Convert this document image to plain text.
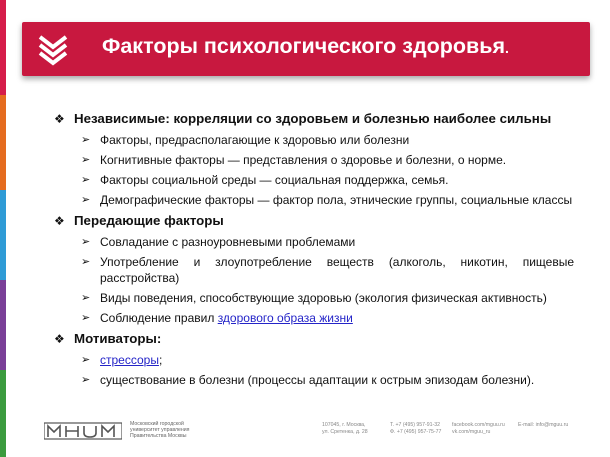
Факторы психологического здоровья.
❖ Независимые: корреляции со здоровьем и болезнью наиболее сильны
➢ Факторы, предрасполагающие к здоровью или болезни
➢ Когнитивные факторы — представления о здоровье и болезни, о норме.
➢ Факторы социальной среды — социальная поддержка, семья.
➢ Демографические факторы — фактор пола, этнические группы, социальные классы
❖ Передающие факторы
➢ Совладание с разноуровневыми проблемами
➢ Употребление и злоупотребление веществ (алкоголь, никотин, пищевые расстройства)
➢ Виды поведения, способствующие здоровью (экология физическая активность)
➢ Соблюдение правил здорового образа жизни
❖ Мотиваторы:
➢ стрессоры;
➢ существование в болезни (процессы адаптации к острым эпизодам болезни).
Московский городской
университет управления
Правительства Москвы
107045, г. Москва,
ул. Сретенка, д. 28
Т. +7 (495) 957-91-32
Ф. +7 (495) 957-75-77
facebook.com/mguu.ru
vk.com/mguu_ru
E-mail: info@mguu.ru
